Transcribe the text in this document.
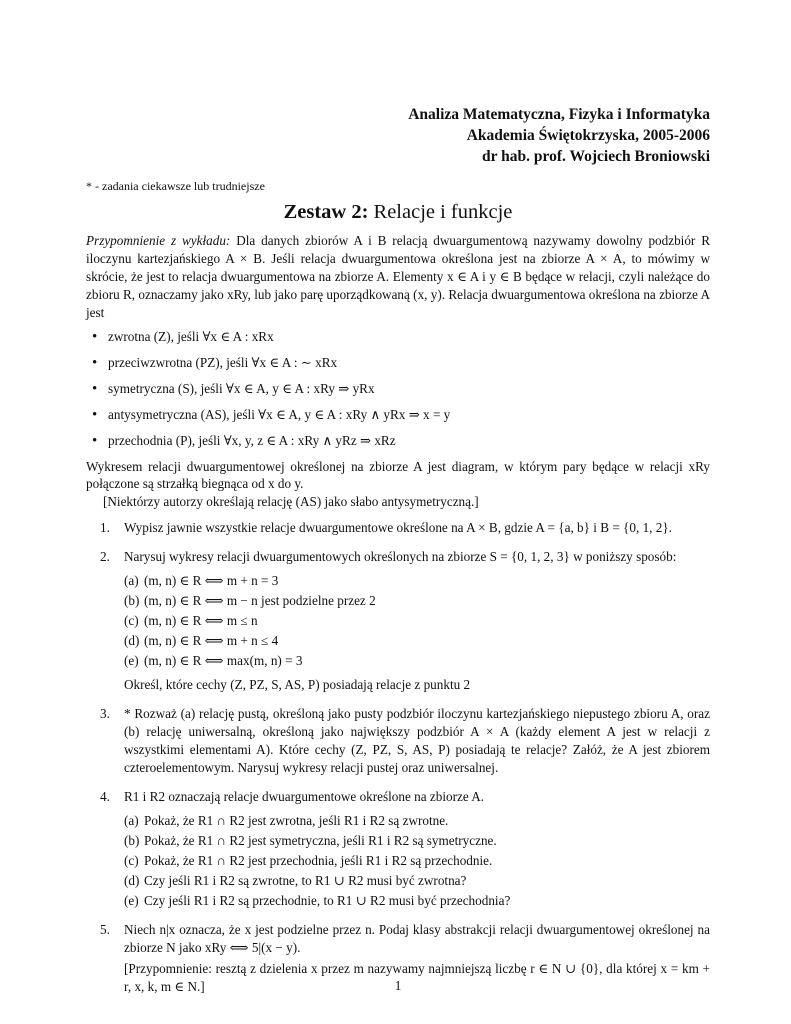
Analiza Matematyczna, Fizyka i Informatyka
Akademia Świętokrzyska, 2005-2006
dr hab. prof. Wojciech Broniowski
* - zadania ciekawsze lub trudniejsze
Zestaw 2: Relacje i funkcje

Przypomnienie z wykładu: Dla danych zbiorów A i B relacją dwuargumentową nazywamy dowolny podzbiór R iloczynu kartezjańskiego A × B. Jeśli relacja dwuargumentowa określona jest na zbiorze A × A, to mówimy w skrócie, że jest to relacja dwuargumentowa na zbiorze A. Elementy x ∈ A i y ∈ B będące w relacji, czyli należące do zbioru R, oznaczamy jako xRy, lub jako parę uporządkowaną (x, y). Relacja dwuargumentowa określona na zbiorze A jest

• zwrotna (Z), jeśli ∀x ∈ A : xRx
• przeciwzwrotna (PZ), jeśli ∀x ∈ A : ∼ xRx
• symetryczna (S), jeśli ∀x ∈ A, y ∈ A : xRy ⇒ yRx
• antysymetryczna (AS), jeśli ∀x ∈ A, y ∈ A : xRy ∧ yRx ⇒ x = y
• przechodnia (P), jeśli ∀x, y, z ∈ A : xRy ∧ yRz ⇒ xRz

Wykresem relacji dwuargumentowej określonej na zbiorze A jest diagram, w którym pary będące w relacji xRy połączone są strzałką biegnąca od x do y.

[Niektórzy autorzy określają relację (AS) jako słabo antysymetryczną.]

1. Wypisz jawnie wszystkie relacje dwuargumentowe określone na A × B, gdzie A = {a, b} i B = {0, 1, 2}.
2. Narysuj wykresy relacji dwuargumentowych określonych na zbiorze S = {0, 1, 2, 3} w poniższy sposób:
(a) (m, n) ∈ R ⟺ m + n = 3
(b) (m, n) ∈ R ⟺ m − n jest podzielne przez 2
(c) (m, n) ∈ R ⟺ m ≤ n
(d) (m, n) ∈ R ⟺ m + n ≤ 4
(e) (m, n) ∈ R ⟺ max(m, n) = 3

Określ, które cechy (Z, PZ, S, AS, P) posiadają relacje z punktu 2

3. * Rozważ (a) relację pustą, określoną jako pusty podzbiór iloczynu kartezjańskiego niepustego zbioru A, oraz (b) relację uniwersalną, określoną jako największy podzbiór A × A (każdy element A jest w relacji z wszystkimi elementami A). Które cechy (Z, PZ, S, AS, P) posiadają te relacje? Załóż, że A jest zbiorem czteroelementowym. Narysuj wykresy relacji pustej oraz uniwersalnej.

4. R1 i R2 oznaczają relacje dwuargumentowe określone na zbiorze A.
(a) Pokaż, że R1 ∩ R2 jest zwrotna, jeśli R1 i R2 są zwrotne.
(b) Pokaż, że R1 ∩ R2 jest symetryczna, jeśli R1 i R2 są symetryczne.
(c) Pokaż, że R1 ∩ R2 jest przechodnia, jeśli R1 i R2 są przechodnie.
(d) Czy jeśli R1 i R2 są zwrotne, to R1 ∪ R2 musi być zwrotna?
(e) Czy jeśli R1 i R2 są przechodnie, to R1 ∪ R2 musi być przechodnia?
5. Niech n|x oznacza, że x jest podzielne przez n. Podaj klasy abstrakcji relacji dwuargumentowej określonej na zbiorze N jako xRy ⟺ 5|(x − y).

[Przypomnienie: resztą z dzielenia x przez m nazywamy najmniejszą liczbę r ∈ N ∪ {0}, dla której x = km + r, x, k, m ∈ N.]	1
